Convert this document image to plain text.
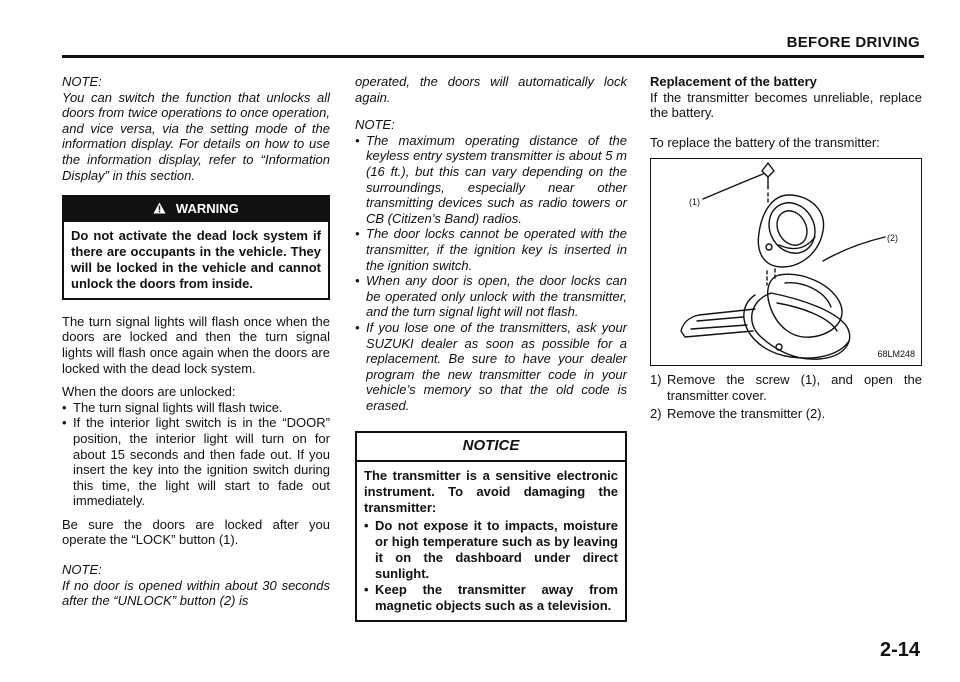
BEFORE DRIVING

NOTE:
You can switch the function that unlocks all doors from twice operations to once operation, and vice versa, via the setting mode of the information display. For details on how to use the information display, refer to “Information Display” in this section.

WARNING
Do not activate the dead lock system if there are occupants in the vehicle. They will be locked in the vehicle and cannot unlock the doors from inside.

The turn signal lights will flash once when the doors are locked and then the turn signal lights will flash once again when the doors are locked with the dead lock system.

When the doors are unlocked:

• The turn signal lights will flash twice.
• If the interior light switch is in the “DOOR” position, the interior light will turn on for about 15 seconds and then fade out. If you insert the key into the ignition switch during this time, the light will start to fade out immediately.

Be sure the doors are locked after you operate the “LOCK” button (1).

NOTE:
If no door is opened within about 30 seconds after the “UNLOCK” button (2) is

operated, the doors will automatically lock again.

NOTE:

• The maximum operating distance of the keyless entry system transmitter is about 5 m (16 ft.), but this can vary depending on the surroundings, especially near other transmitting devices such as radio towers or CB (Citizen’s Band) radios.
• The door locks cannot be operated with the transmitter, if the ignition key is inserted in the ignition switch.
• When any door is open, the door locks can be operated only unlock with the transmitter, and the turn signal light will not flash.
• If you lose one of the transmitters, ask your SUZUKI dealer as soon as possible for a replacement. Be sure to have your dealer program the new transmitter code in your vehicle’s memory so that the old code is erased.
NOTICE

The transmitter is a sensitive electronic instrument. To avoid damaging the transmitter:

• Do not expose it to impacts, moisture or high temperature such as by leaving it on the dashboard under direct sunlight.
• Keep the transmitter away from magnetic objects such as a television.

Replacement of the battery

If the transmitter becomes unreliable, replace the battery.

To replace the battery of the transmitter:

(1)
(2)
68LM248
1) Remove the screw (1), and open the transmitter cover.
2) Remove the transmitter (2).
2-14
